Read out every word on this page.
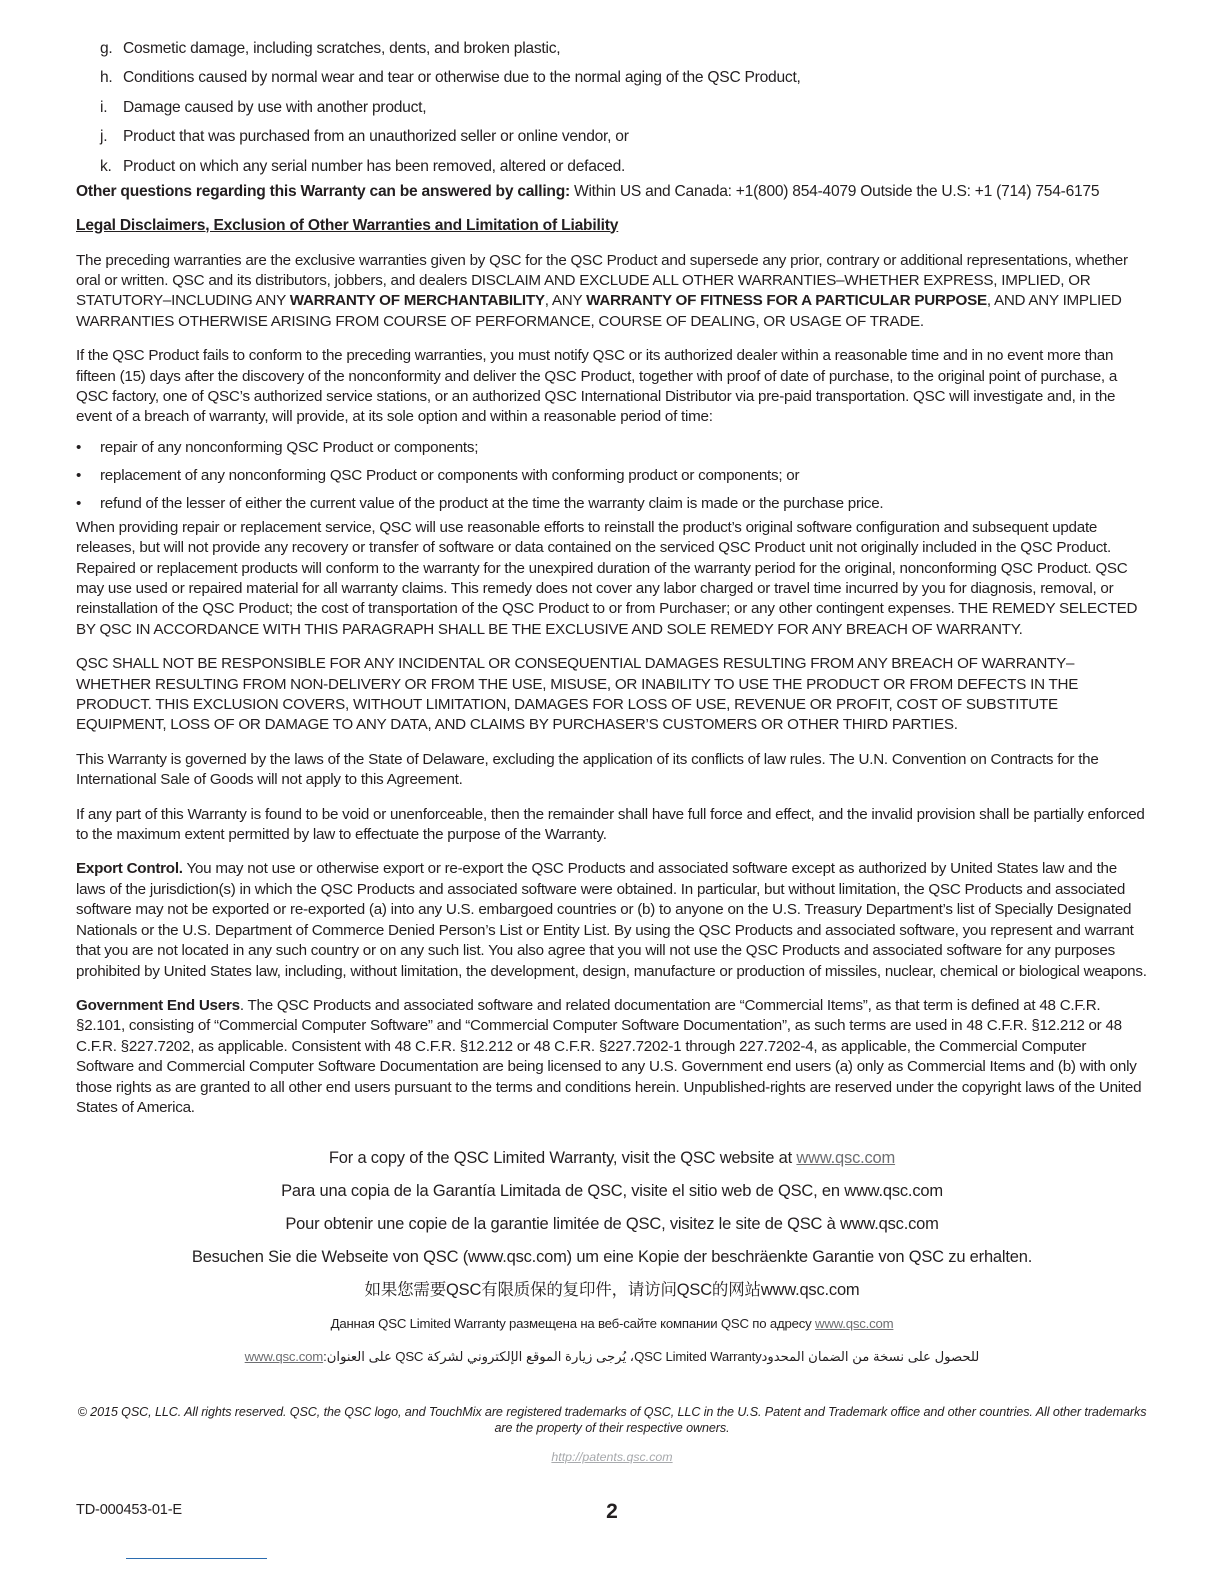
g. Cosmetic damage, including scratches, dents, and broken plastic,
h. Conditions caused by normal wear and tear or otherwise due to the normal aging of the QSC Product,
i.	Damage caused by use with another product,
j.	Product that was purchased from an unauthorized seller or online vendor, or
k. Product on which any serial number has been removed, altered or defaced.

Other questions regarding this Warranty can be answered by calling: Within US and Canada: +1(800) 854-4079 Outside the U.S: +1 (714) 754-6175

Legal Disclaimers, Exclusion of Other Warranties and Limitation of Liability

The preceding warranties are the exclusive warranties given by QSC for the QSC Product and supersede any prior, contrary or additional representations, whether oral or written. QSC and its distributors, jobbers, and dealers DISCLAIM AND EXCLUDE ALL OTHER WARRANTIES–WHETHER EXPRESS, IMPLIED, OR STATUTORY–INCLUDING ANY WARRANTY OF MERCHANTABILITY, ANY WARRANTY OF FITNESS FOR A PARTICULAR PURPOSE, AND ANY IMPLIED WARRANTIES OTHERWISE ARISING FROM COURSE OF PERFORMANCE, COURSE OF DEALING, OR USAGE OF TRADE.

If the QSC Product fails to conform to the preceding warranties, you must notify QSC or its authorized dealer within a reasonable time and in no event more than fifteen (15) days after the discovery of the nonconformity and deliver the QSC Product, together with proof of date of purchase, to the original point of purchase, a QSC factory, one of QSC’s authorized service stations, or an authorized QSC International Distributor via pre-paid transportation. QSC will investigate and, in the event of a breach of warranty, will provide, at its sole option and within a reasonable period of time:

• repair of any nonconforming QSC Product or components;
• replacement of any nonconforming QSC Product or components with conforming product or components; or
• refund of the lesser of either the current value of the product at the time the warranty claim is made or the purchase price.

When providing repair or replacement service, QSC will use reasonable efforts to reinstall the product’s original software configuration and subsequent update releases, but will not provide any recovery or transfer of software or data contained on the serviced QSC Product unit not originally included in the QSC Product. Repaired or replacement products will conform to the warranty for the unexpired duration of the warranty period for the original, nonconforming QSC Product. QSC may use used or repaired material for all warranty claims. This remedy does not cover any labor charged or travel time incurred by you for diagnosis, removal, or reinstallation of the QSC Product; the cost of transportation of the QSC Product to or from Purchaser; or any other contingent expenses. THE REMEDY SELECTED BY QSC IN ACCORDANCE WITH THIS PARAGRAPH SHALL BE THE EXCLUSIVE AND SOLE REMEDY FOR ANY BREACH OF WARRANTY.

QSC SHALL NOT BE RESPONSIBLE FOR ANY INCIDENTAL OR CONSEQUENTIAL DAMAGES RESULTING FROM ANY BREACH OF WARRANTY–WHETHER RESULTING FROM NON-DELIVERY OR FROM THE USE, MISUSE, OR INABILITY TO USE THE PRODUCT OR FROM DEFECTS IN THE PRODUCT. THIS EXCLUSION COVERS, WITHOUT LIMITATION, DAMAGES FOR LOSS OF USE, REVENUE OR PROFIT, COST OF SUBSTITUTE EQUIPMENT, LOSS OF OR DAMAGE TO ANY DATA, AND CLAIMS BY PURCHASER’S CUSTOMERS OR OTHER THIRD PARTIES.

This Warranty is governed by the laws of the State of Delaware, excluding the application of its conflicts of law rules. The U.N. Convention on Contracts for the International Sale of Goods will not apply to this Agreement.

If any part of this Warranty is found to be void or unenforceable, then the remainder shall have full force and effect, and the invalid provision shall be partially enforced to the maximum extent permitted by law to effectuate the purpose of the Warranty.

Export Control. You may not use or otherwise export or re-export the QSC Products and associated software except as authorized by United States law and the laws of the jurisdiction(s) in which the QSC Products and associated software were obtained. In particular, but without limitation, the QSC Products and associated software may not be exported or re-exported (a) into any U.S. embargoed countries or (b) to anyone on the U.S. Treasury Department’s list of Specially Designated Nationals or the U.S. Department of Commerce Denied Person’s List or Entity List. By using the QSC Products and associated software, you represent and warrant that you are not located in any such country or on any such list. You also agree that you will not use the QSC Products and associated software for any purposes prohibited by United States law, including, without limitation, the development, design, manufacture or production of missiles, nuclear, chemical or biological weapons.

Government End Users. The QSC Products and associated software and related documentation are “Commercial Items”, as that term is defined at 48 C.F.R. §2.101, consisting of “Commercial Computer Software” and “Commercial Computer Software Documentation”, as such terms are used in 48 C.F.R. §12.212 or 48 C.F.R. §227.7202, as applicable. Consistent with 48 C.F.R. §12.212 or 48 C.F.R. §227.7202-1 through 227.7202-4, as applicable, the Commercial Computer Software and Commercial Computer Software Documentation are being licensed to any U.S. Government end users (a) only as Commercial Items and (b) with only those rights as are granted to all other end users pursuant to the terms and conditions herein. Unpublished-rights are reserved under the copyright laws of the United States of America.

For a copy of the QSC Limited Warranty, visit the QSC website at www.qsc.com
Para una copia de la Garantía Limitada de QSC, visite el sitio web de QSC, en www.qsc.com
Pour obtenir une copie de la garantie limitée de QSC, visitez le site de QSC à www.qsc.com
Besuchen Sie die Webseite von QSC (www.qsc.com) um eine Kopie der beschräenkte Garantie von QSC zu erhalten.
如果您需要QSC有限质保的复印件，请访问QSC的网站www.qsc.com
Данная QSC Limited Warranty размещена на веб-сайте компании QSC по адресу www.qsc.com
www.qsc.comللحصول على نسخة من الضمان المحدودQSC Limited Warranty، يُرجى زيارة الموقع الإلكتروني لشركة QSC على العنوان:
© 2015 QSC, LLC. All rights reserved. QSC, the QSC logo, and TouchMix are registered trademarks of QSC, LLC in the U.S. Patent and Trademark office and other countries. All other trademarks are the property of their respective owners.
http://patents.qsc.com
TD-000453-01-E	2
